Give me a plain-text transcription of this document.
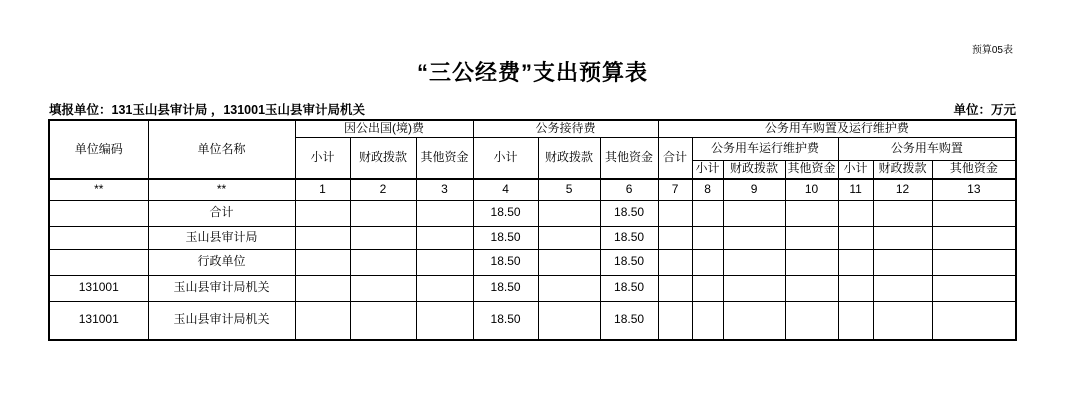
预算05表
“三公经费”支出预算表
填报单位：131玉山县审计局 ，131001玉山县审计局机关	单位：万元
单位编码	单位名称	因公出国(境)费			公务接待费			公务用车购置及运行维护费						
		小计	财政拨款	其他资金	小计	财政拨款	其他资金	合计	公务用车运行维护费			公务用车购置		
									小计	财政拨款	其他资金	小计	财政拨款	其他资金
**	**	1	2	3	4	5	6	7	8	9	10	11	12	13
	合计				18.50		18.50							
	玉山县审计局				18.50		18.50							
	行政单位				18.50		18.50							
131001	玉山县审计局机关				18.50		18.50							
131001	玉山县审计局机关				18.50		18.50							
